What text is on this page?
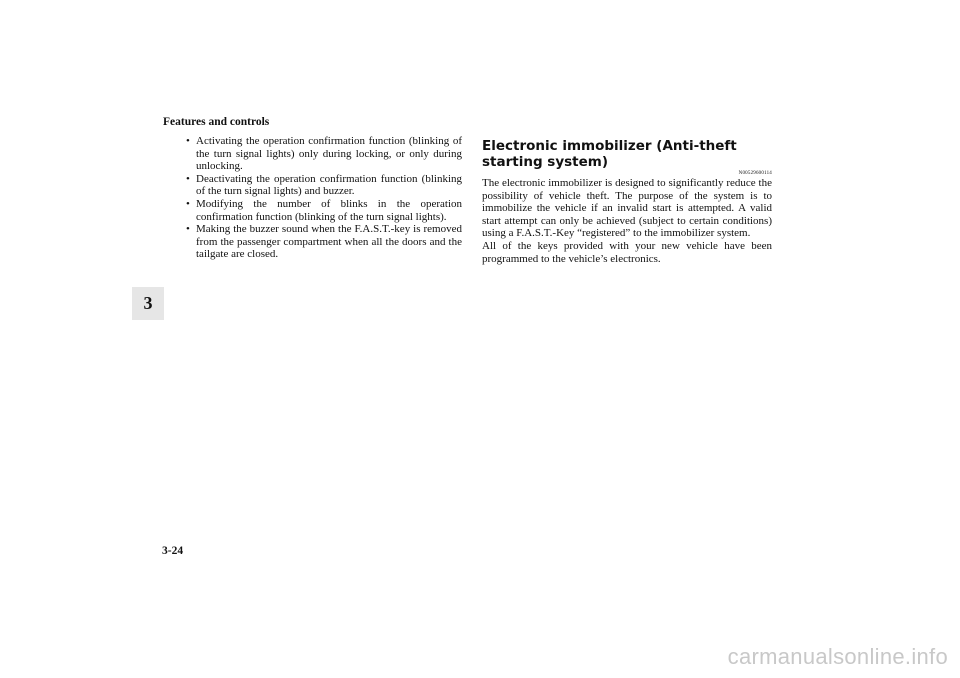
Features and controls
3
• Activating the operation confirmation function (blinking of the turn signal lights) only during locking, or only during unlocking.
• Deactivating the operation confirmation function (blinking of the turn signal lights) and buzzer.
• Modifying the number of blinks in the operation confirmation function (blinking of the turn signal lights).
• Making the buzzer sound when the F.A.S.T.-key is removed from the passenger compartment when all the doors and the tailgate are closed.
Electronic immobilizer (Anti-theft starting system)
N00529600114

The electronic immobilizer is designed to significantly reduce the possibility of vehicle theft. The purpose of the system is to immobilize the vehicle if an invalid start is attempted. A valid start attempt can only be achieved (subject to certain conditions) using a F.A.S.T.-Key “registered” to the immobilizer system.

All of the keys provided with your new vehicle have been programmed to the vehicle’s electronics.

3-24
carmanualsonline.info
